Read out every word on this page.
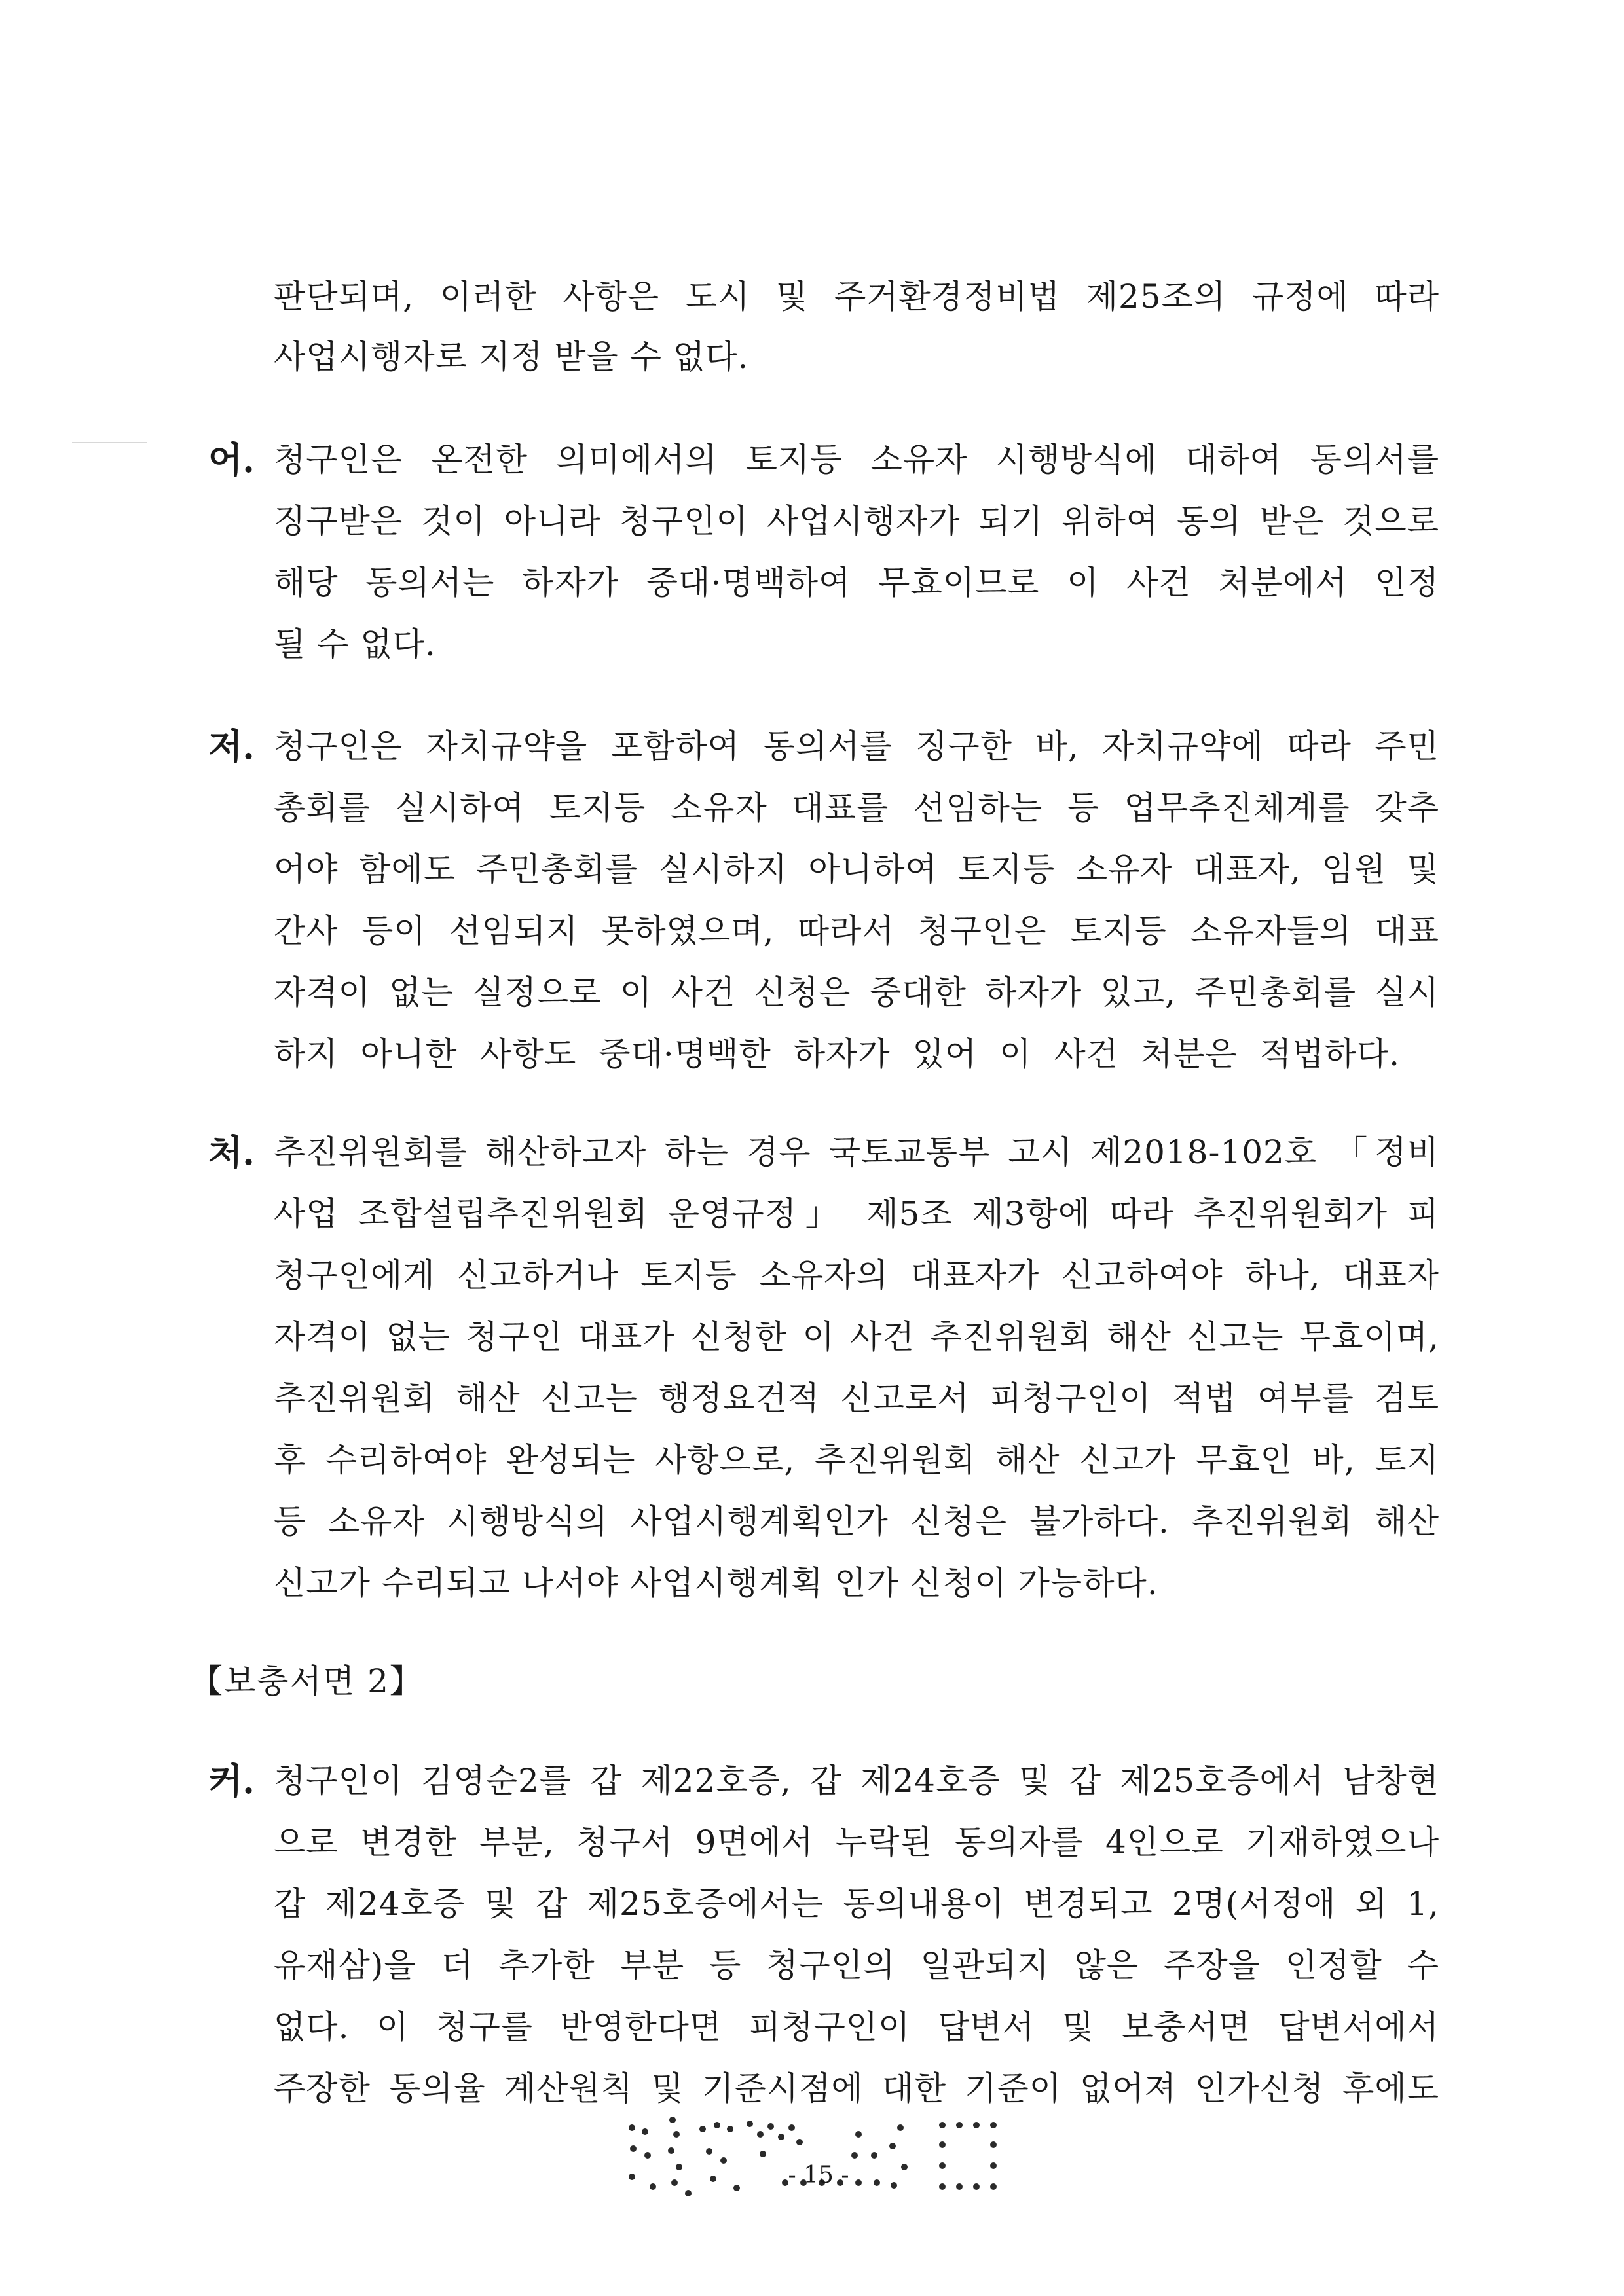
판단되며, 이러한 사항은 도시 및 주거환경정비법 제25조의 규정에 따라
사업시행자로 지정 받을 수 없다.
어. 청구인은 온전한 의미에서의 토지등 소유자 시행방식에 대하여 동의서를
징구받은 것이 아니라 청구인이 사업시행자가 되기 위하여 동의 받은 것으로
해당 동의서는 하자가 중대·명백하여 무효이므로 이 사건 처분에서 인정
될 수 없다.
저. 청구인은 자치규약을 포함하여 동의서를 징구한 바, 자치규약에 따라 주민
총회를 실시하여 토지등 소유자 대표를 선임하는 등 업무추진체계를 갖추
어야 함에도 주민총회를 실시하지 아니하여 토지등 소유자 대표자, 임원 및
간사 등이 선임되지 못하였으며, 따라서 청구인은 토지등 소유자들의 대표
자격이 없는 실정으로 이 사건 신청은 중대한 하자가 있고, 주민총회를 실시
하지 아니한 사항도 중대·명백한 하자가 있어 이 사건 처분은 적법하다.
처. 추진위원회를 해산하고자 하는 경우 국토교통부 고시 제2018-102호 「정비
사업 조합설립추진위원회 운영규정」 제5조 제3항에 따라 추진위원회가 피
청구인에게 신고하거나 토지등 소유자의 대표자가 신고하여야 하나, 대표자
자격이 없는 청구인 대표가 신청한 이 사건 추진위원회 해산 신고는 무효이며,
추진위원회 해산 신고는 행정요건적 신고로서 피청구인이 적법 여부를 검토
후 수리하여야 완성되는 사항으로, 추진위원회 해산 신고가 무효인 바, 토지
등 소유자 시행방식의 사업시행계획인가 신청은 불가하다. 추진위원회 해산
신고가 수리되고 나서야 사업시행계획 인가 신청이 가능하다.
【보충서면 2】
커. 청구인이 김영순2를 갑 제22호증, 갑 제24호증 및 갑 제25호증에서 남창현
으로 변경한 부분, 청구서 9면에서 누락된 동의자를 4인으로 기재하였으나
갑 제24호증 및 갑 제25호증에서는 동의내용이 변경되고 2명(서정애 외 1,
유재삼)을 더 추가한 부분 등 청구인의 일관되지 않은 주장을 인정할 수
없다. 이 청구를 반영한다면 피청구인이 답변서 및 보충서면 답변서에서
주장한 동의율 계산원칙 및 기준시점에 대한 기준이 없어져 인가신청 후에도
- 15 -
